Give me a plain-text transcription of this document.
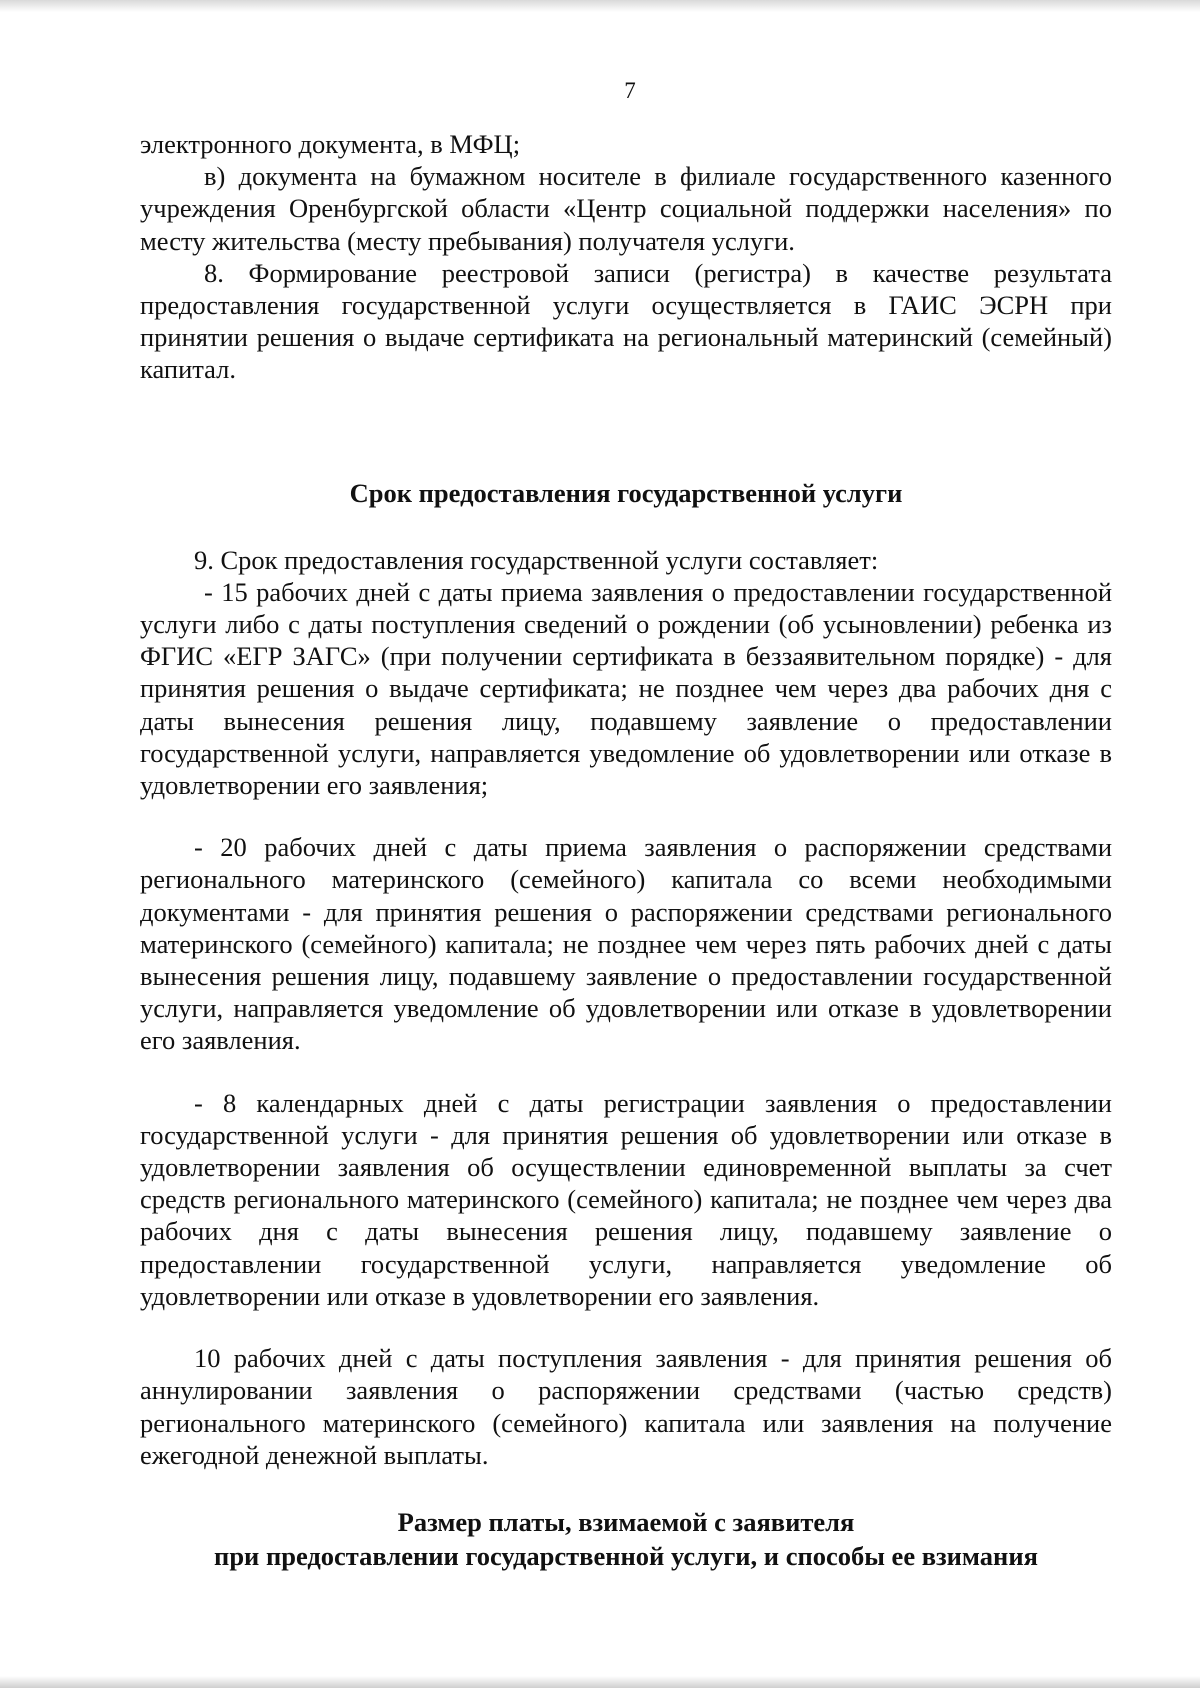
7

электронного документа, в МФЦ;

в) документа на бумажном носителе в филиале государственного казенного учреждения Оренбургской области «Центр социальной поддержки населения» по месту жительства (месту пребывания) получателя услуги.

8. Формирование реестровой записи (регистра) в качестве результата предоставления государственной услуги осуществляется в ГАИС ЭСРН при принятии решения о выдаче сертификата на региональный материнский (семейный) капитал.

Срок предоставления государственной услуги

9. Срок предоставления государственной услуги составляет:

- 15 рабочих дней с даты приема заявления о предоставлении государственной услуги либо с даты поступления сведений о рождении (об усыновлении) ребенка из ФГИС «ЕГР ЗАГС» (при получении сертификата в беззаявительном порядке) - для принятия решения о выдаче сертификата; не позднее чем через два рабочих дня с даты вынесения решения лицу, подавшему заявление о предоставлении государственной услуги, направляется уведомление об удовлетворении или отказе в удовлетворении его заявления;

- 20 рабочих дней с даты приема заявления о распоряжении средствами регионального материнского (семейного) капитала со всеми необходимыми документами - для принятия решения о распоряжении средствами регионального материнского (семейного) капитала; не позднее чем через пять рабочих дней с даты вынесения решения лицу, подавшему заявление о предоставлении государственной услуги, направляется уведомление об удовлетворении или отказе в удовлетворении его заявления.

- 8 календарных дней с даты регистрации заявления о предоставлении государственной услуги - для принятия решения об удовлетворении или отказе в удовлетворении заявления об осуществлении единовременной выплаты за счет средств регионального материнского (семейного) капитала; не позднее чем через два рабочих дня с даты вынесения решения лицу, подавшему заявление о предоставлении государственной услуги, направляется уведомление об удовлетворении или отказе в удовлетворении его заявления.

10 рабочих дней с даты поступления заявления - для принятия решения об аннулировании заявления о распоряжении средствами (частью средств) регионального материнского (семейного) капитала или заявления на получение ежегодной денежной выплаты.

Размер платы, взимаемой с заявителя
при предоставлении государственной услуги, и способы ее взимания
